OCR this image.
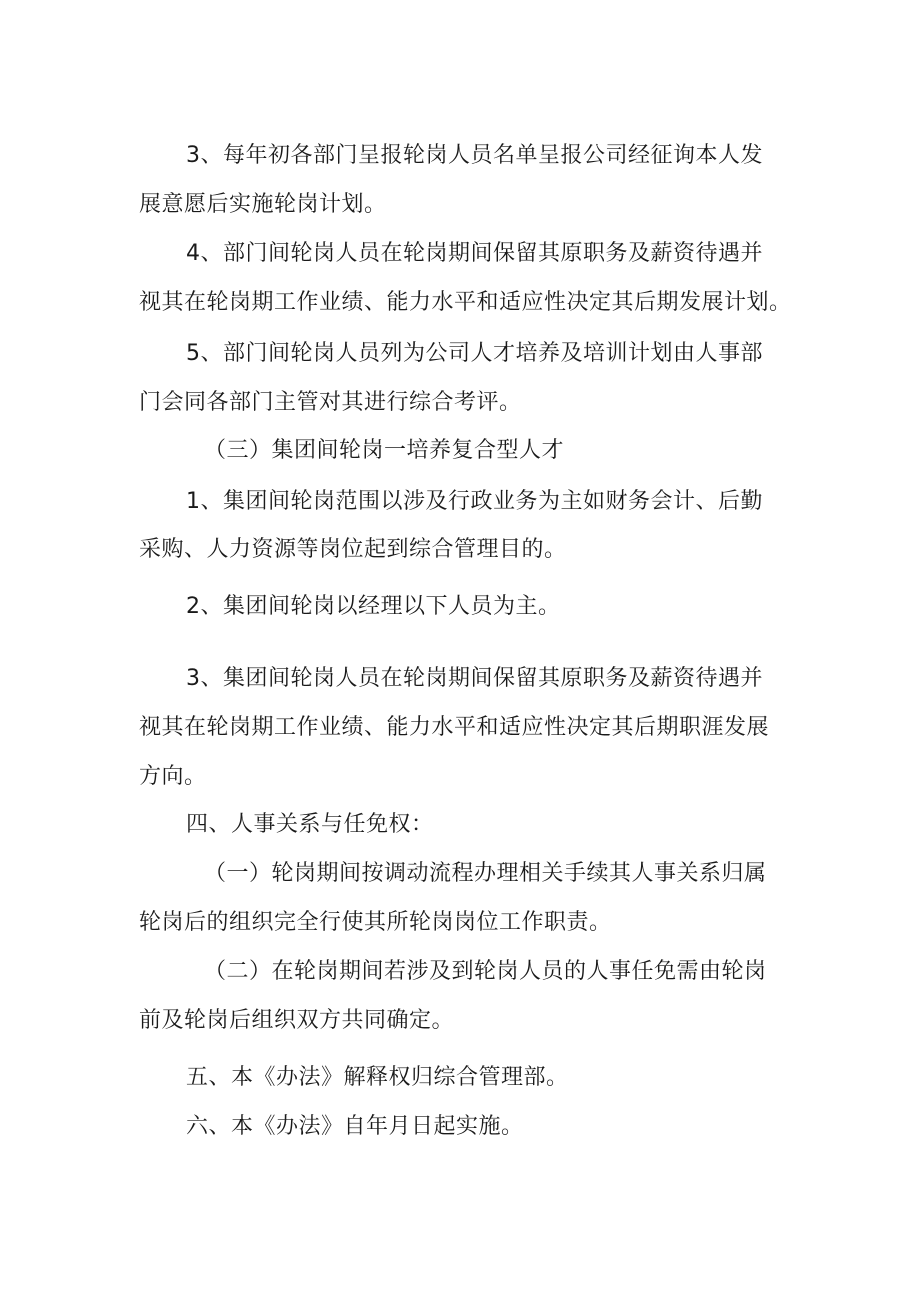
3、每年初各部门呈报轮岗人员名单呈报公司经征询本人发
展意愿后实施轮岗计划。
4、部门间轮岗人员在轮岗期间保留其原职务及薪资待遇并
视其在轮岗期工作业绩、能力水平和适应性决定其后期发展计划。
5、部门间轮岗人员列为公司人才培养及培训计划由人事部
门会同各部门主管对其进行综合考评。
（三）集团间轮岗一培养复合型人才
1、集团间轮岗范围以涉及行政业务为主如财务会计、后勤
采购、人力资源等岗位起到综合管理目的。
2、集团间轮岗以经理以下人员为主。
3、集团间轮岗人员在轮岗期间保留其原职务及薪资待遇并
视其在轮岗期工作业绩、能力水平和适应性决定其后期职涯发展
方向。
四、人事关系与任免权：
（一）轮岗期间按调动流程办理相关手续其人事关系归属
轮岗后的组织完全行使其所轮岗岗位工作职责。
（二）在轮岗期间若涉及到轮岗人员的人事任免需由轮岗
前及轮岗后组织双方共同确定。
五、本《办法》解释权归综合管理部。
六、本《办法》自年月日起实施。
